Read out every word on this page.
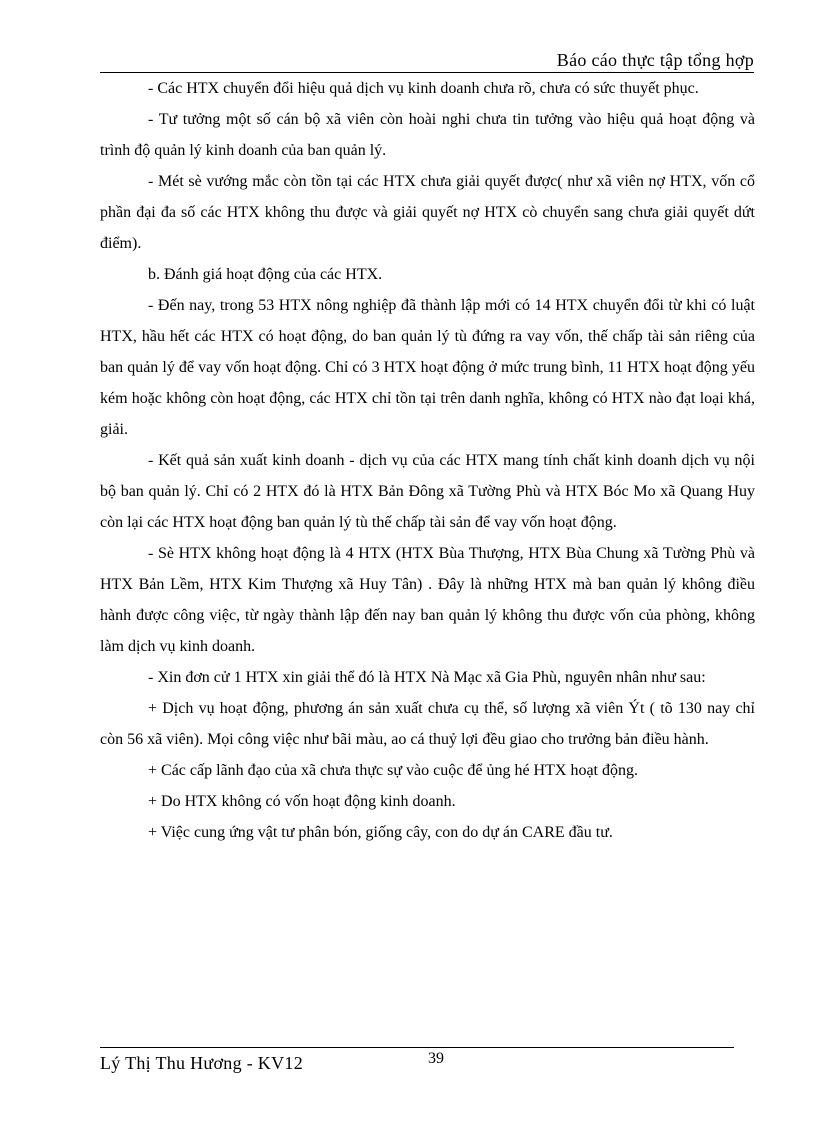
Báo cáo thực tập tổng hợp

- Các HTX chuyển đổi hiệu quả dịch vụ kinh doanh chưa rõ, chưa có sức thuyết phục.

- Tư tưởng một số cán bộ xã viên còn hoài nghi chưa tin tưởng vào hiệu quả hoạt động và trình độ quản lý kinh doanh của ban quản lý.

- Mét sè vướng mắc còn tồn tại các HTX chưa giải quyết được( như xã viên nợ HTX, vốn cổ phần đại đa số các HTX không thu được và giải quyết nợ HTX cò chuyển sang chưa giải quyết dứt điểm).

b. Đánh giá hoạt động của các HTX.

- Đến nay, trong 53 HTX nông nghiệp đã thành lập mới có 14 HTX chuyển đổi từ khi có luật HTX, hầu hết các HTX có hoạt động, do ban quản lý tù đứng ra vay vốn, thế chấp tài sản riêng của ban quản lý để vay vốn hoạt động. Chỉ có 3 HTX hoạt động ở mức trung bình, 11 HTX hoạt động yếu kém hoặc không còn hoạt động, các HTX chỉ tồn tại trên danh nghĩa, không có HTX nào đạt loại khá, giải.

- Kết quả sản xuất kinh doanh - dịch vụ của các HTX mang tính chất kinh doanh dịch vụ nội bộ ban quản lý. Chỉ có 2 HTX đó là HTX Bản Đông xã Tường Phù và HTX Bóc Mo xã Quang Huy còn lại các HTX hoạt động ban quản lý tù thế chấp tài sản để vay vốn hoạt động.

- Sè HTX không hoạt động là 4 HTX (HTX Bùa Thượng, HTX Bùa Chung xã Tường Phù và HTX Bản Lềm, HTX Kim Thượng xã Huy Tân) . Đây là những HTX mà ban quản lý không điều hành được công việc, từ ngày thành lập đến nay ban quản lý không thu được vốn của phòng, không làm dịch vụ kinh doanh.

- Xin đơn cử 1 HTX xin giải thể đó là HTX Nà Mạc xã Gia Phù, nguyên nhân như sau:

+ Dịch vụ hoạt động, phương án sản xuất chưa cụ thể, số lượng xã viên Ýt ( tõ 130 nay chỉ còn 56 xã viên). Mọi công việc như bãi màu, ao cá thuỷ lợi đều giao cho trưởng bản điều hành.

+ Các cấp lãnh đạo của xã chưa thực sự vào cuộc để ủng hé HTX hoạt động.

+ Do HTX không có vốn hoạt động kinh doanh.

+ Việc cung ứng vật tư phân bón, giống cây, con do dự án CARE đầu tư.

Lý Thị Thu Hương - KV12	39
